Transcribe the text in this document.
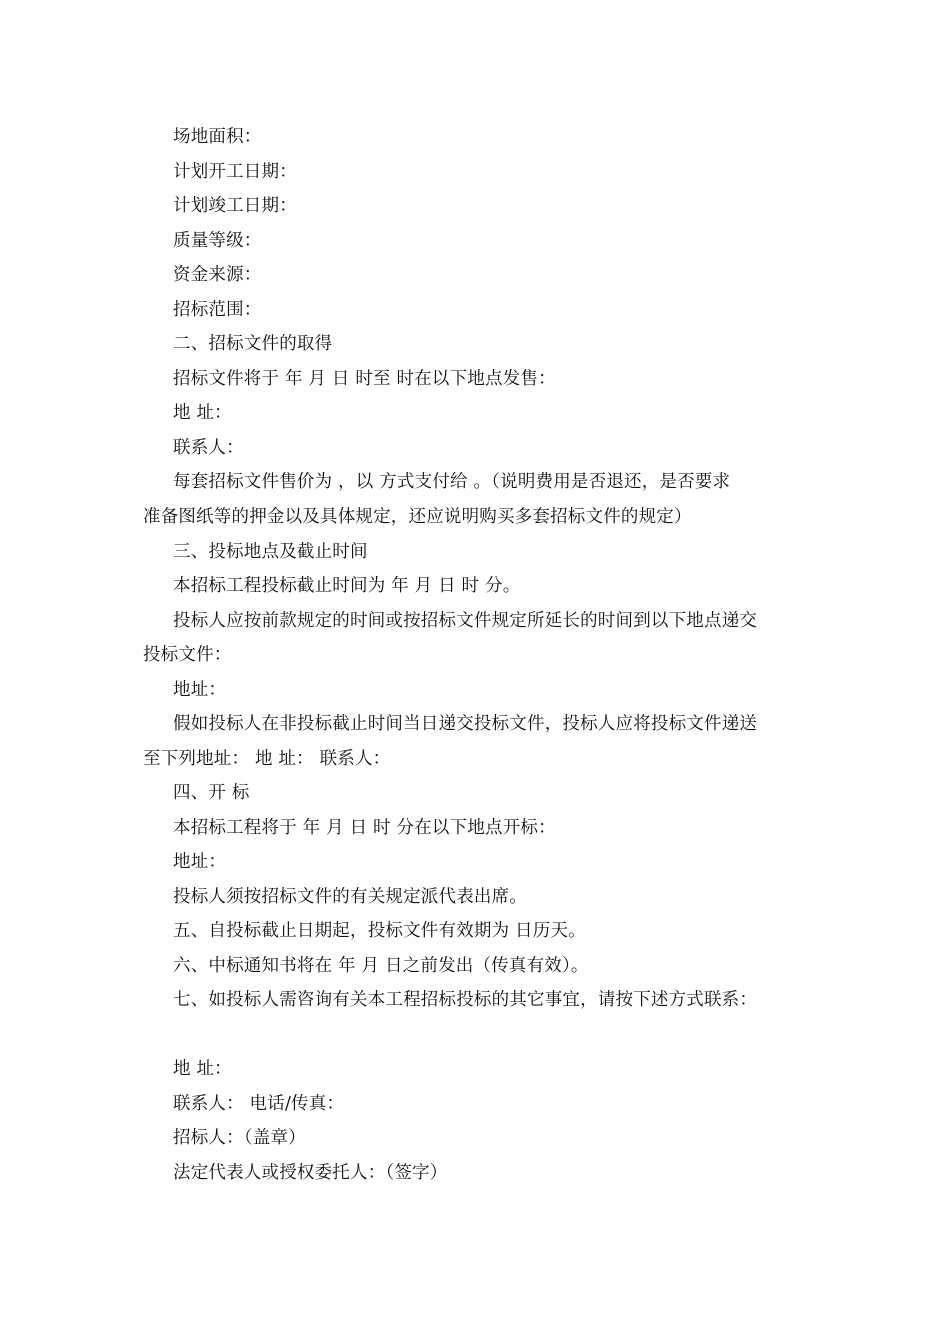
场地面积：
计划开工日期：
计划竣工日期：
质量等级：
资金来源：
招标范围：
二、招标文件的取得
招标文件将于 年 月 日 时至 时在以下地点发售：
地 址：
联系人：
每套招标文件售价为 ，以 方式支付给 。（说明费用是否退还，是否要求
准备图纸等的押金以及具体规定，还应说明购买多套招标文件的规定）
三、投标地点及截止时间
本招标工程投标截止时间为 年 月 日 时 分。
投标人应按前款规定的时间或按招标文件规定所延长的时间到以下地点递交
投标文件：
地址：
假如投标人在非投标截止时间当日递交投标文件，投标人应将投标文件递送
至下列地址： 地 址： 联系人：
四、开 标
本招标工程将于 年 月 日 时 分在以下地点开标：
地址：
投标人须按招标文件的有关规定派代表出席。
五、自投标截止日期起，投标文件有效期为 日历天。
六、中标通知书将在 年 月 日之前发出（传真有效）。
七、如投标人需咨询有关本工程招标投标的其它事宜，请按下述方式联系：
地 址：
联系人： 电话/传真：
招标人：（盖章）
法定代表人或授权委托人：（签字）
